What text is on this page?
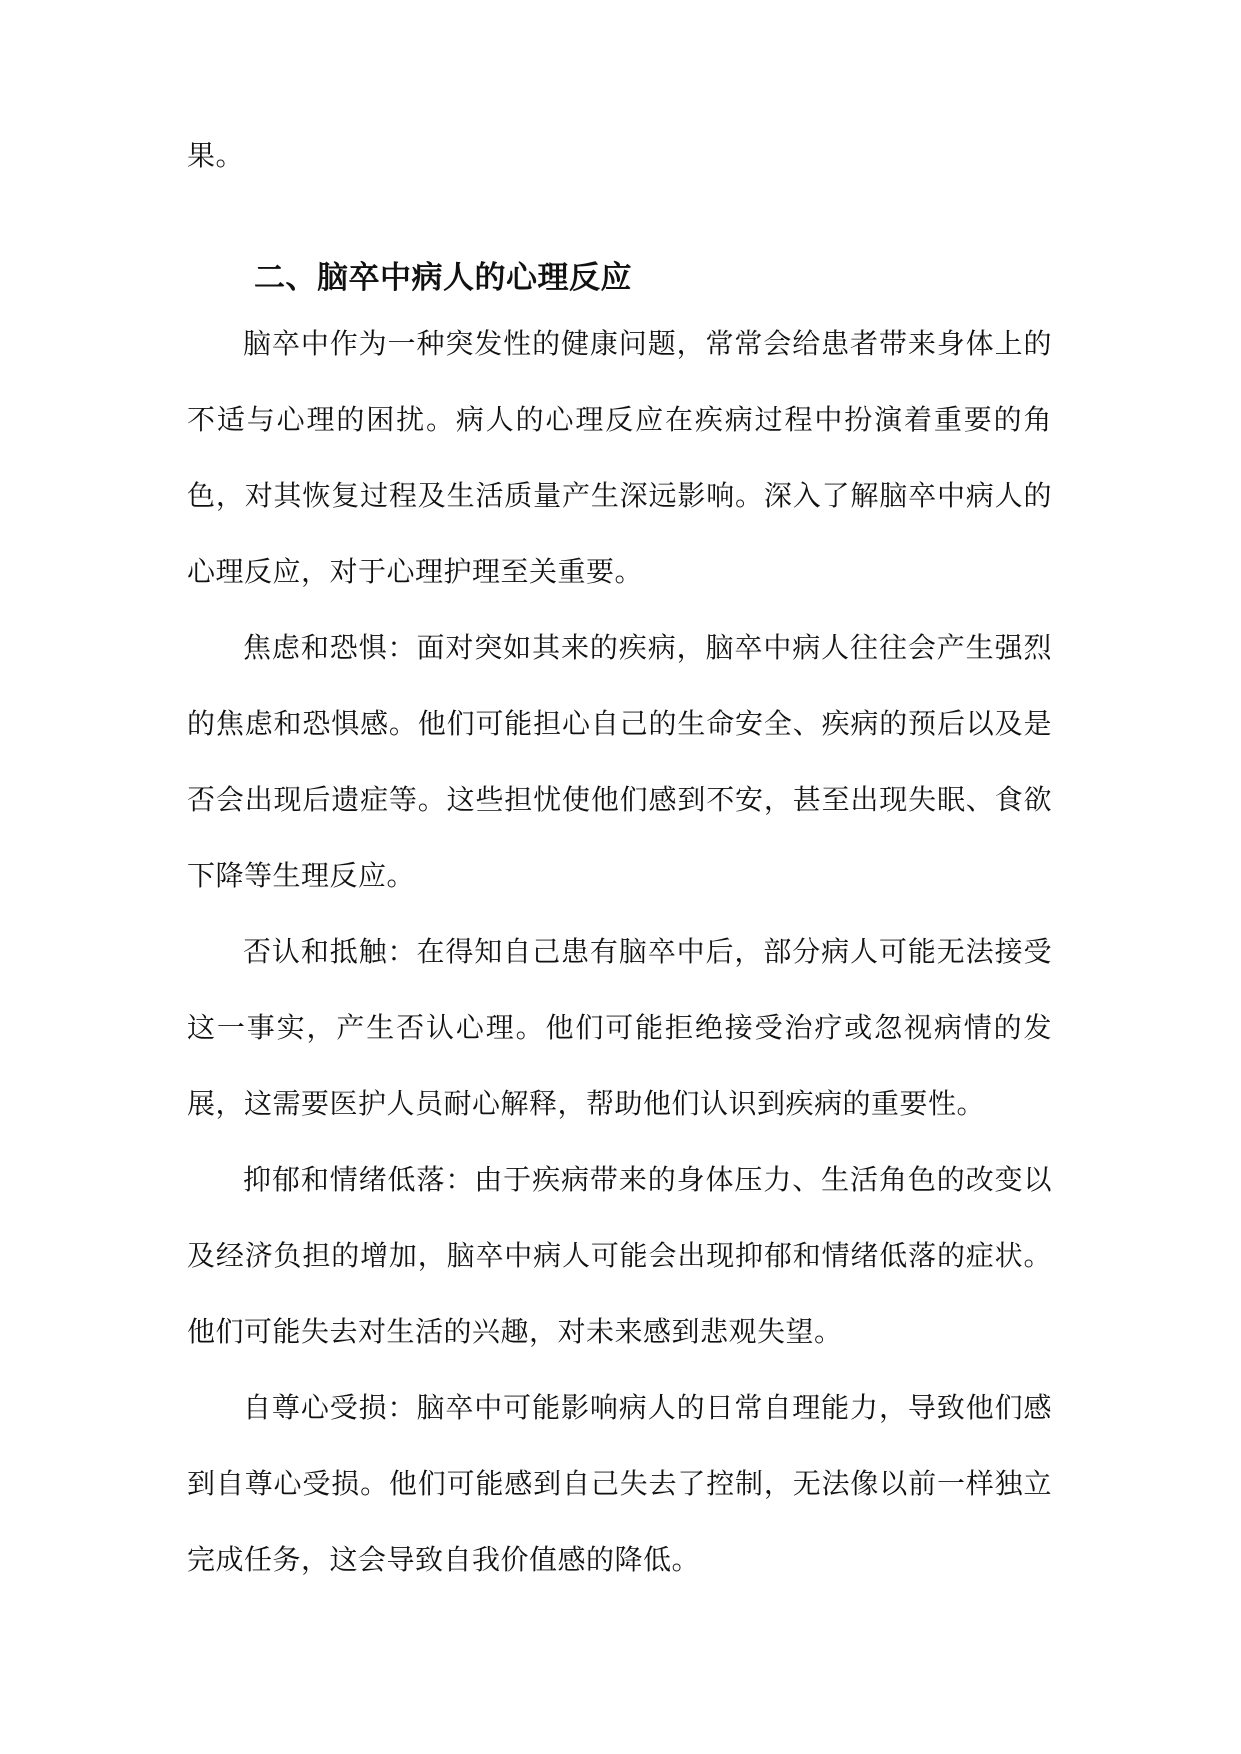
果。

二、脑卒中病人的心理反应

脑卒中作为一种突发性的健康问题，常常会给患者带来身体上的不适与心理的困扰。病人的心理反应在疾病过程中扮演着重要的角色，对其恢复过程及生活质量产生深远影响。深入了解脑卒中病人的心理反应，对于心理护理至关重要。

焦虑和恐惧：面对突如其来的疾病，脑卒中病人往往会产生强烈的焦虑和恐惧感。他们可能担心自己的生命安全、疾病的预后以及是否会出现后遗症等。这些担忧使他们感到不安，甚至出现失眠、食欲下降等生理反应。

否认和抵触：在得知自己患有脑卒中后，部分病人可能无法接受这一事实，产生否认心理。他们可能拒绝接受治疗或忽视病情的发展，这需要医护人员耐心解释，帮助他们认识到疾病的重要性。

抑郁和情绪低落：由于疾病带来的身体压力、生活角色的改变以及经济负担的增加，脑卒中病人可能会出现抑郁和情绪低落的症状。他们可能失去对生活的兴趣，对未来感到悲观失望。

自尊心受损：脑卒中可能影响病人的日常自理能力，导致他们感到自尊心受损。他们可能感到自己失去了控制，无法像以前一样独立完成任务，这会导致自我价值感的降低。
